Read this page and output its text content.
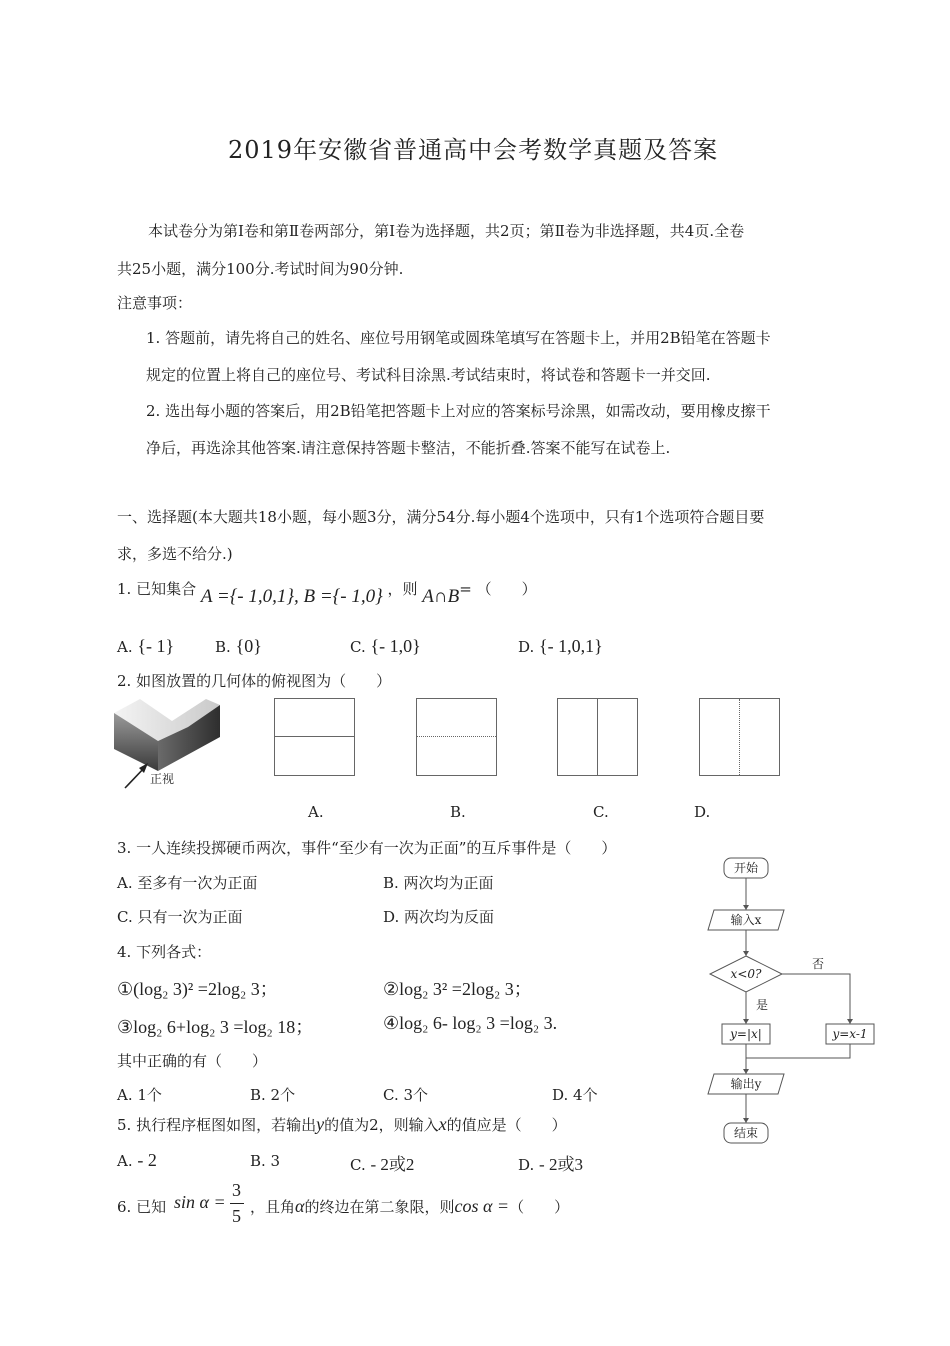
2019年安徽省普通高中会考数学真题及答案
本试卷分为第Ⅰ卷和第Ⅱ卷两部分，第Ⅰ卷为选择题，共2页；第Ⅱ卷为非选择题，共4页.全卷
共25小题，满分100分.考试时间为90分钟.
注意事项：
1. 答题前，请先将自己的姓名、座位号用钢笔或圆珠笔填写在答题卡上，并用2B铅笔在答题卡
规定的位置上将自己的座位号、考试科目涂黑.考试结束时，将试卷和答题卡一并交回.
2. 选出每小题的答案后，用2B铅笔把答题卡上对应的答案标号涂黑，如需改动，要用橡皮擦干
净后，再选涂其他答案.请注意保持答题卡整洁，不能折叠.答案不能写在试卷上.
一、选择题(本大题共18小题，每小题3分，满分54分.每小题4个选项中，只有1个选项符合题目要
求，多选不给分.)
1. 已知集合 A ={- 1,0,1}, B ={- 1,0} ，则 A∩B= （　　）
A. {- 1}	B. {0}	C. {- 1,0}	D. {- 1,0,1}
2. 如图放置的几何体的俯视图为（　　）
正视
A.	B.	C.	D.
3. 一人连续投掷硬币两次，事件“至少有一次为正面”的互斥事件是（　　）
A. 至多有一次为正面	B. 两次均为正面
C. 只有一次为正面	D. 两次均为反面
4. 下列各式：
①(log₂ 3)² =2log₂ 3；	②log₂ 3² =2log₂ 3；
③log₂ 6+log₂ 3 =log₂ 18；	④log₂ 6- log₂ 3 =log₂ 3.
其中正确的有（　　）
A. 1个	B. 2个	C. 3个	D. 4个
5. 执行程序框图如图，若输出y的值为2，则输入x的值应是（　　）
A. - 2	B. 3	C. - 2或2	D. - 2或3
6. 已知 sin α =
3
5 ，且角α的终边在第二象限，则cos α =（　　）
开始
输入x
x<0?
否
是
y=|x|	y=x-1
输出y
结束
